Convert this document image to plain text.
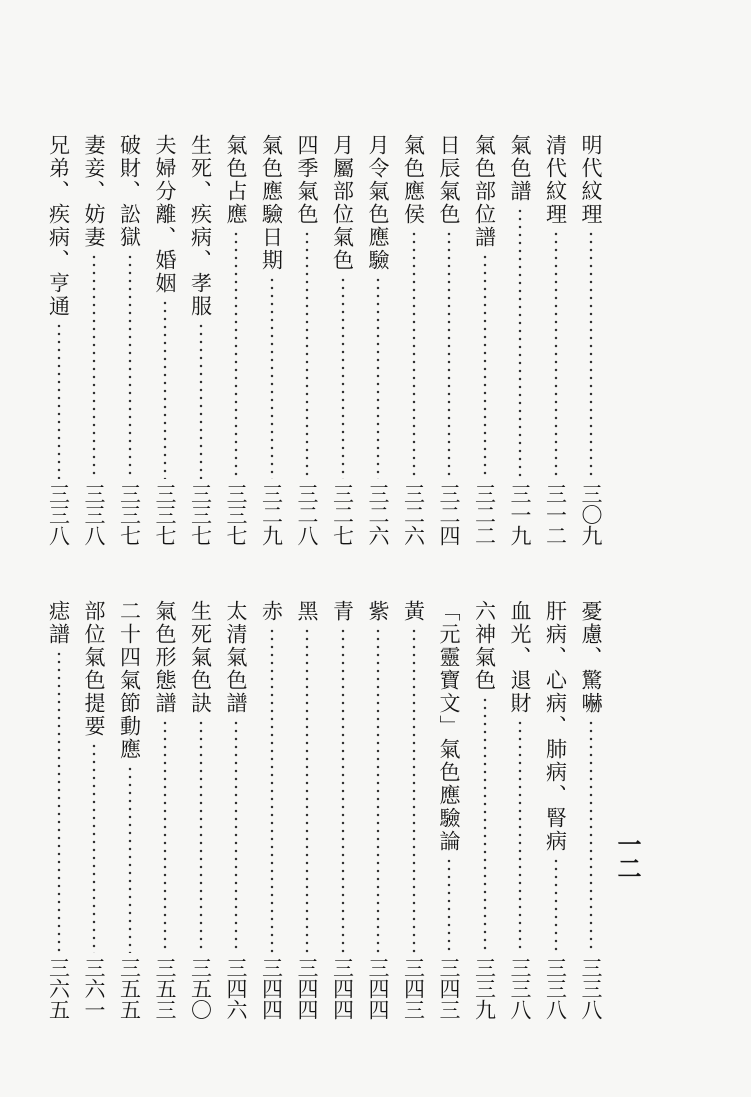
明代紋理
三〇九
清代紋理
三一二
氣色譜
三一九
氣色部位譜
三二二
日辰氣色
三二四
氣色應侯
三二六
月令氣色應驗
三二六
月屬部位氣色
三二七
四季氣色
三二八
氣色應驗日期
三二九
氣色占應
三三七
生死、疾病、孝服
三三七
夫婦分離、婚姻
三三七
破財、訟獄
三三七
妻妾、妨妻
三三八
兄弟、疾病、亨通
三三八
憂慮、驚嚇
三三八
肝病、心病、肺病、腎病
三三八
血光、退財
三三八
六神氣色
三三九
「元靈寶文」氣色應驗論
三四三
黃
三四三
紫
三四四
青
三四四
黑
三四四
赤
三四四
太清氣色譜
三四六
生死氣色訣
三五〇
氣色形態譜
三五三
二十四氣節動應
三五五
部位氣色提要
三六一
痣譜
三六五
一二
